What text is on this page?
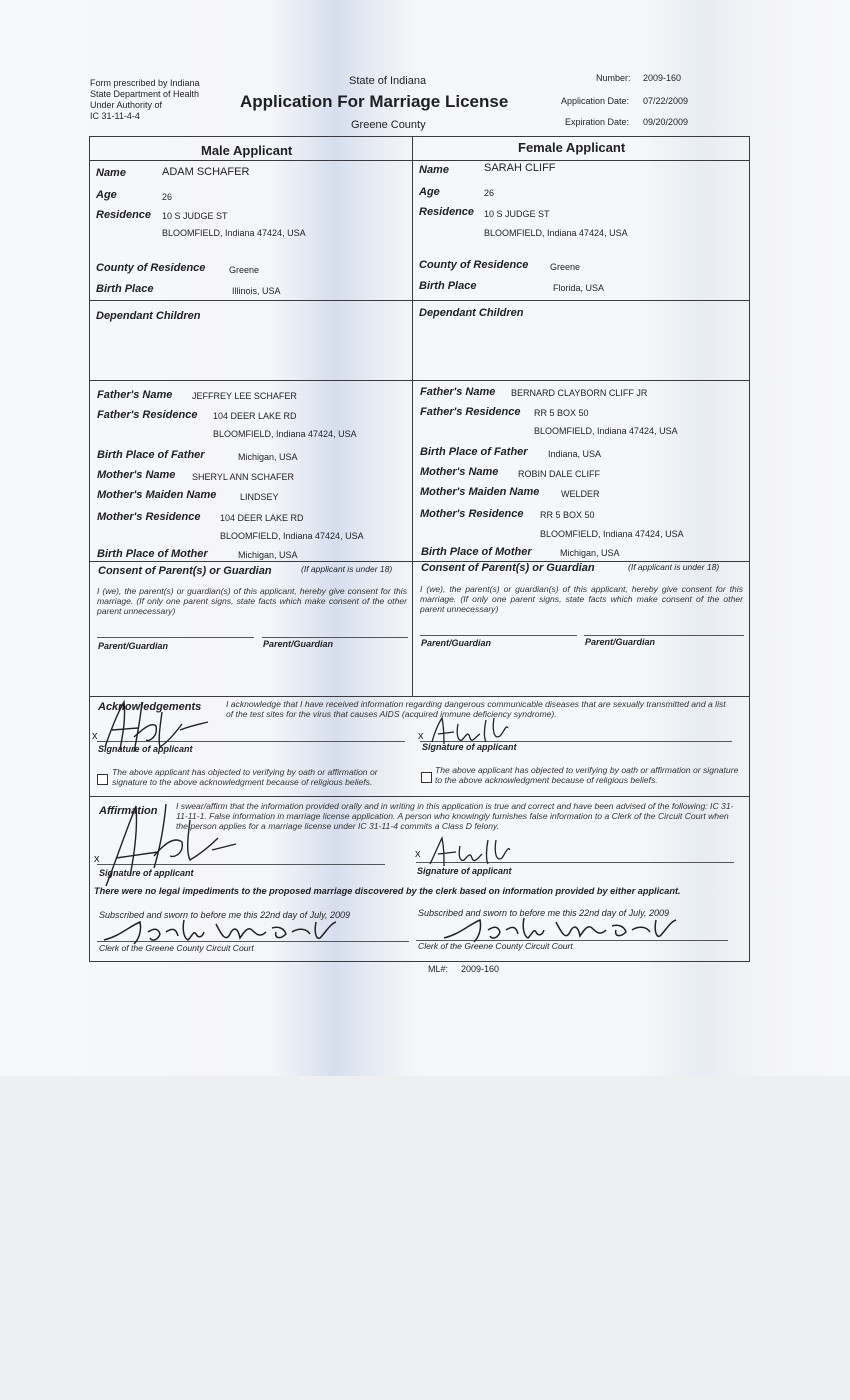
Form prescribed by Indiana
State Department of Health
Under Authority of
IC 31-11-4-4
State of Indiana
Application For Marriage License
Greene County
Number: 2009-160
Application Date: 07/22/2009
Expiration Date: 09/20/2009
Male Applicant	Female Applicant
Name	ADAM SCHAFER
Age	26
Residence 10 S JUDGE ST
BLOOMFIELD, Indiana 47424, USA
County of Residence	Greene
Birth Place	Illinois, USA
Name	SARAH CLIFF
Age	26
Residence 10 S JUDGE ST
BLOOMFIELD, Indiana 47424, USA
County of Residence Greene
Birth Place	Florida, USA
Dependant Children	Dependant Children
Father's Name JEFFREY LEE SCHAFER
Father's Residence 104 DEER LAKE RD
BLOOMFIELD, Indiana 47424, USA
Birth Place of Father	Michigan, USA
Mother's Name SHERYL ANN SCHAFER
Mother's Maiden Name	LINDSEY
Mother's Residence 104 DEER LAKE RD
BLOOMFIELD, Indiana 47424, USA
Birth Place of Mother	Michigan, USA
Father's Name BERNARD CLAYBORN CLIFF JR
Father's Residence RR 5 BOX 50
BLOOMFIELD, Indiana 47424, USA
Birth Place of Father Indiana, USA
Mother's Name ROBIN DALE CLIFF
Mother's Maiden Name WELDER
Mother's Residence RR 5 BOX 50
BLOOMFIELD, Indiana 47424, USA
Birth Place of Mother	Michigan, USA
Consent of Parent(s) or Guardian	(If applicant is under 18)
I (we), the parent(s) or guardian(s) of this applicant, hereby give consent for this marriage. (If only one parent signs, state facts which make consent of the other parent unnecessary)
Parent/Guardian	Parent/Guardian
Consent of Parent(s) or Guardian	(If applicant is under 18)
I (we), the parent(s) or guardian(s) of this applicant, hereby give consent for this marriage. (If only one parent signs, state facts which make consent of the other parent unnecessary)
Parent/Guardian	Parent/Guardian
Acknowledgements	I acknowledge that I have received information regarding dangerous communicable diseases that are sexually transmitted and a list of the test sites for the virus that causes AIDS (acquired immune deficiency syndrome).
Signature of applicant	Signature of applicant
x	x
The above applicant has objected to verifying by oath or affirmation or signature to the above acknowledgment because of religious beliefs.
The above applicant has objected to verifying by oath or affirmation or signature to the above acknowledgment because of religious beliefs.
Affirmation I swear/affirm that the information provided orally and in writing in this application is true and correct and have been advised of the following: IC 31-11-11-1. False information in marriage license application. A person who knowingly furnishes false information to a Clerk of the Circuit Court when the person applies for a marriage license under IC 31-11-4 commits a Class D felony.
Signature of applicant	Signature of applicant
x	x
There were no legal impediments to the proposed marriage discovered by the clerk based on information provided by either applicant.
Subscribed and sworn to before me this 22nd day of July, 2009	Subscribed and sworn to before me this 22nd day of July, 2009
Clerk of the Greene County Circuit Court	Clerk of the Greene County Circuit Court
ML#: 2009-160
